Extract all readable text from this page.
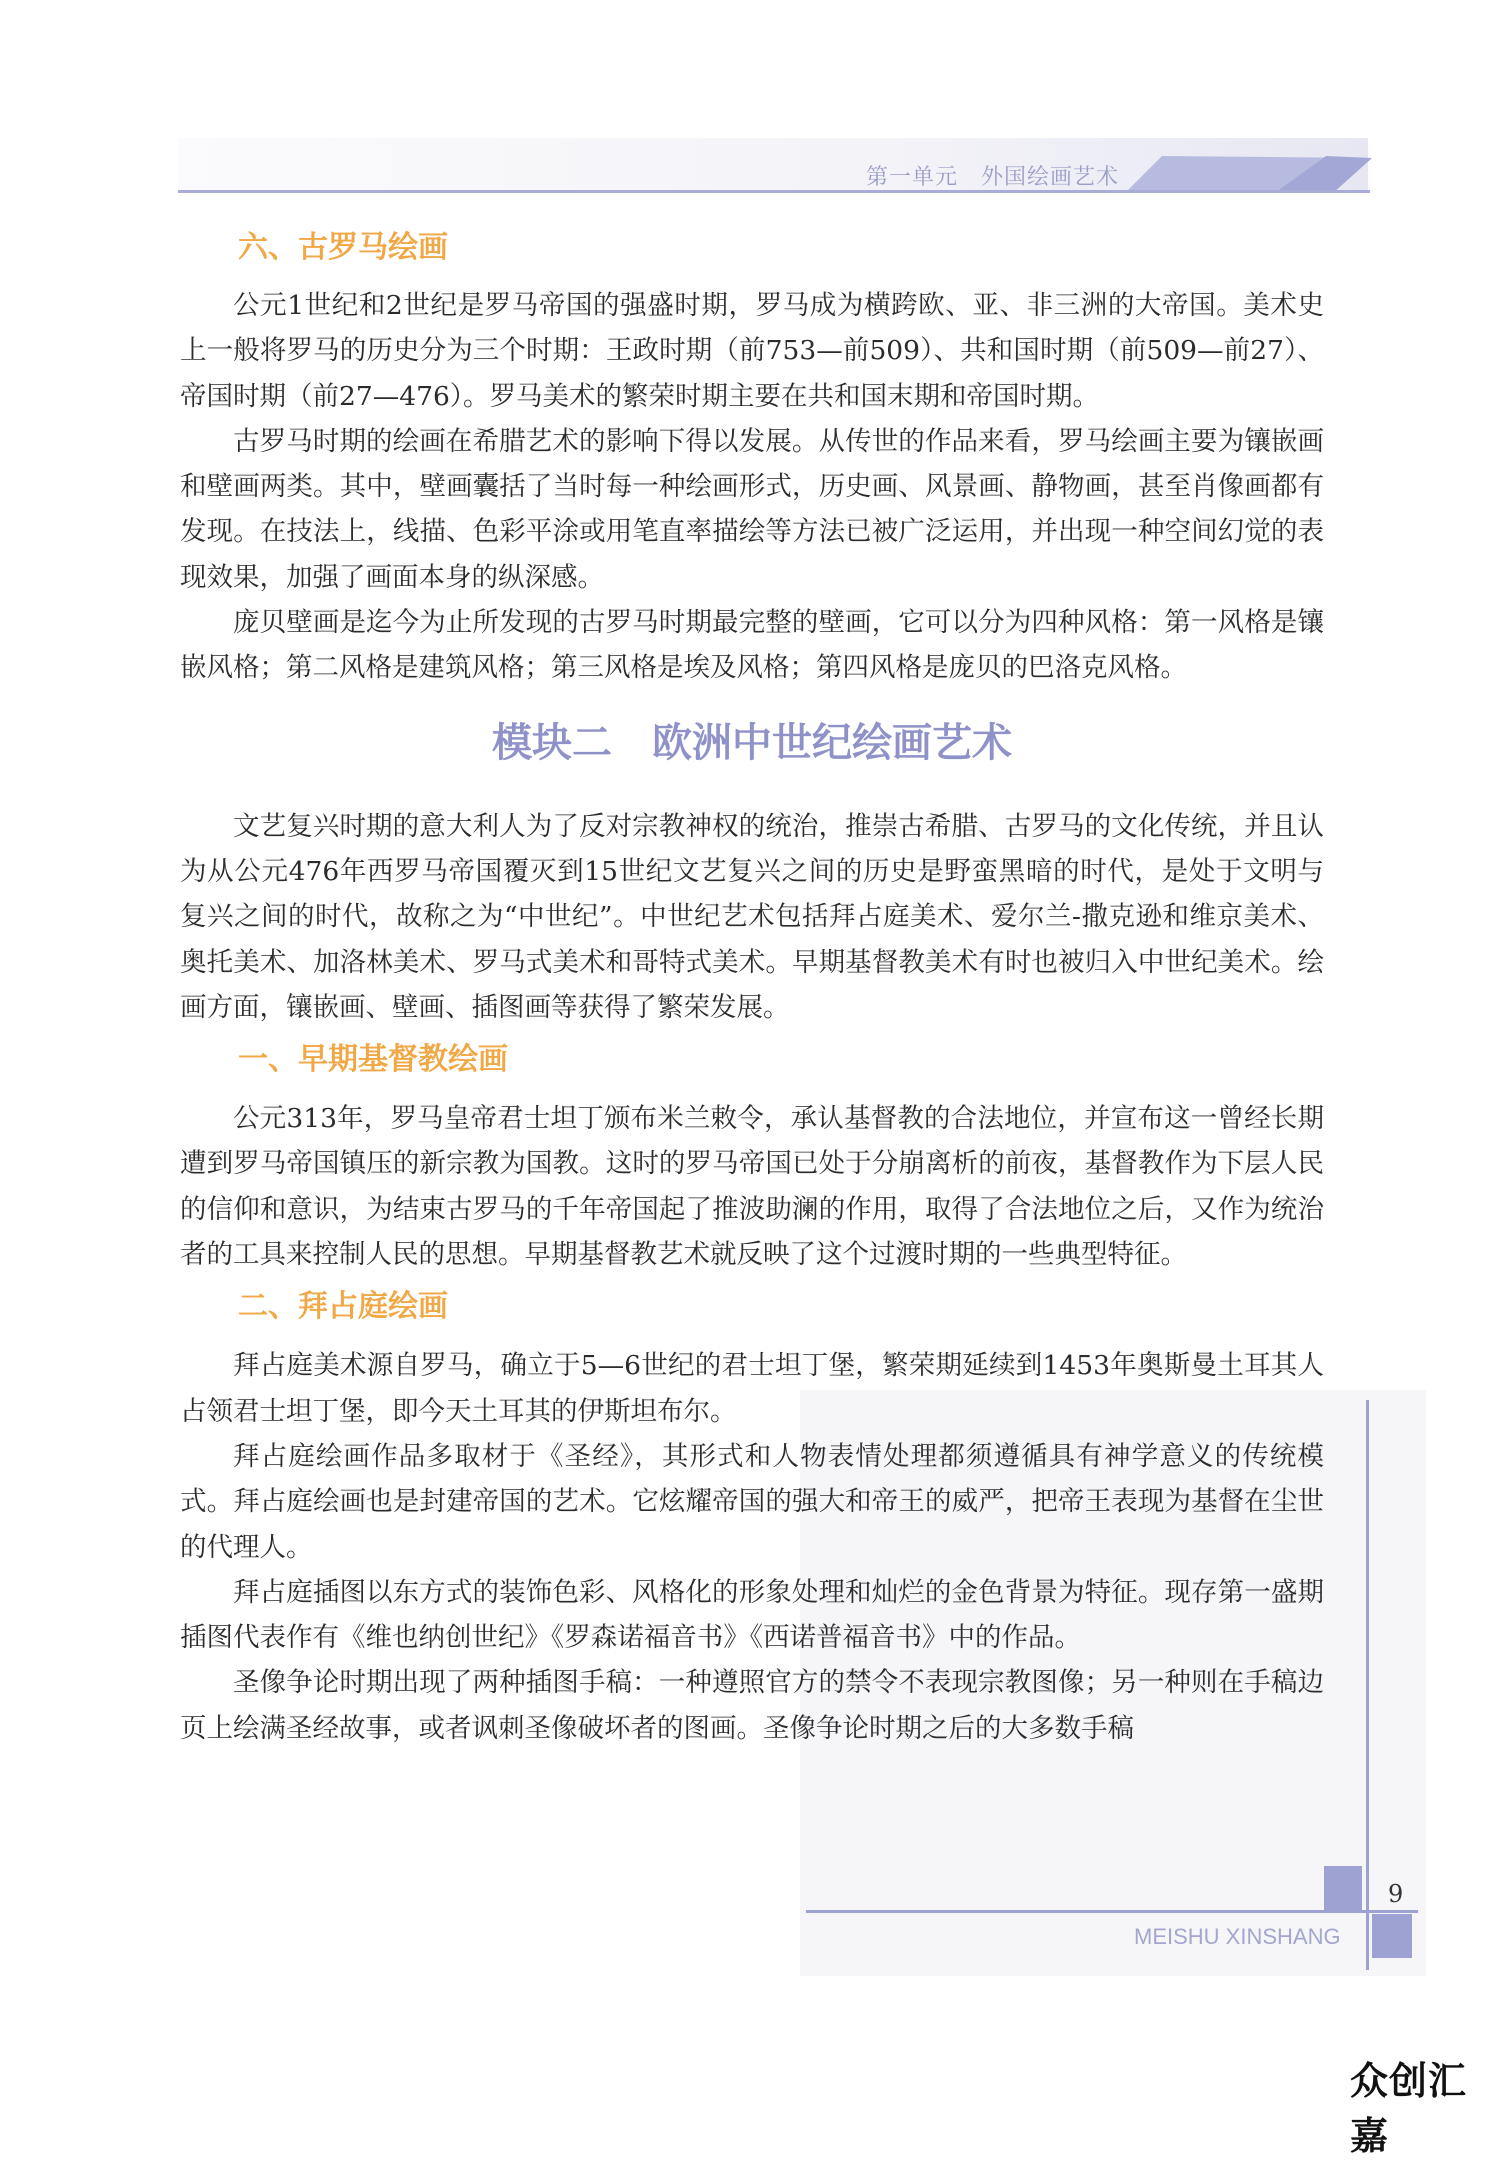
第一单元　外国绘画艺术
六、古罗马绘画

公元1世纪和2世纪是罗马帝国的强盛时期，罗马成为横跨欧、亚、非三洲的大帝国。美术史上一般将罗马的历史分为三个时期：王政时期（前753—前509）、共和国时期（前509—前27）、帝国时期（前27—476）。罗马美术的繁荣时期主要在共和国末期和帝国时期。

古罗马时期的绘画在希腊艺术的影响下得以发展。从传世的作品来看，罗马绘画主要为镶嵌画和壁画两类。其中，壁画囊括了当时每一种绘画形式，历史画、风景画、静物画，甚至肖像画都有发现。在技法上，线描、色彩平涂或用笔直率描绘等方法已被广泛运用，并出现一种空间幻觉的表现效果，加强了画面本身的纵深感。

庞贝壁画是迄今为止所发现的古罗马时期最完整的壁画，它可以分为四种风格：第一风格是镶嵌风格；第二风格是建筑风格；第三风格是埃及风格；第四风格是庞贝的巴洛克风格。

模块二　欧洲中世纪绘画艺术

文艺复兴时期的意大利人为了反对宗教神权的统治，推崇古希腊、古罗马的文化传统，并且认为从公元476年西罗马帝国覆灭到15世纪文艺复兴之间的历史是野蛮黑暗的时代，是处于文明与复兴之间的时代，故称之为“中世纪”。中世纪艺术包括拜占庭美术、爱尔兰-撒克逊和维京美术、奥托美术、加洛林美术、罗马式美术和哥特式美术。早期基督教美术有时也被归入中世纪美术。绘画方面，镶嵌画、壁画、插图画等获得了繁荣发展。

一、早期基督教绘画

公元313年，罗马皇帝君士坦丁颁布米兰敕令，承认基督教的合法地位，并宣布这一曾经长期遭到罗马帝国镇压的新宗教为国教。这时的罗马帝国已处于分崩离析的前夜，基督教作为下层人民的信仰和意识，为结束古罗马的千年帝国起了推波助澜的作用，取得了合法地位之后，又作为统治者的工具来控制人民的思想。早期基督教艺术就反映了这个过渡时期的一些典型特征。

二、拜占庭绘画

拜占庭美术源自罗马，确立于5—6世纪的君士坦丁堡，繁荣期延续到1453年奥斯曼土耳其人占领君士坦丁堡，即今天土耳其的伊斯坦布尔。

拜占庭绘画作品多取材于《圣经》，其形式和人物表情处理都须遵循具有神学意义的传统模式。拜占庭绘画也是封建帝国的艺术。它炫耀帝国的强大和帝王的威严，把帝王表现为基督在尘世的代理人。

拜占庭插图以东方式的装饰色彩、风格化的形象处理和灿烂的金色背景为特征。现存第一盛期插图代表作有《维也纳创世纪》《罗森诺福音书》《西诺普福音书》中的作品。

圣像争论时期出现了两种插图手稿：一种遵照官方的禁令不表现宗教图像；另一种则在手稿边页上绘满圣经故事，或者讽刺圣像破坏者的图画。圣像争论时期之后的大多数手稿

9
MEISHU XINSHANG
众创汇嘉
